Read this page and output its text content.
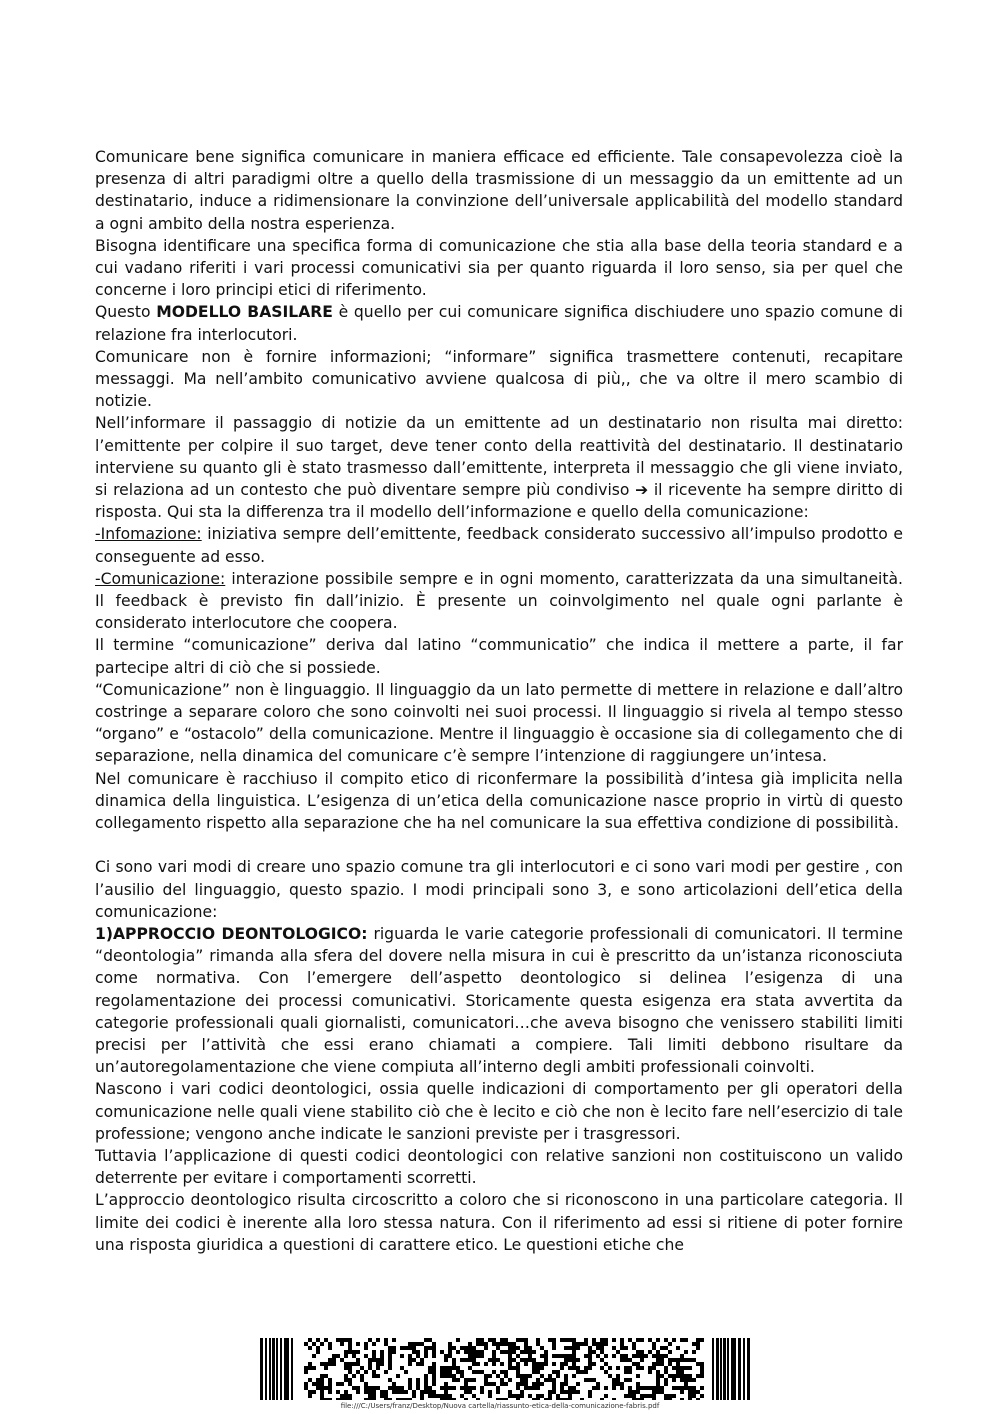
Comunicare bene significa comunicare in maniera efficace ed efficiente. Tale consapevolezza cioè la presenza di altri paradigmi oltre a quello della trasmissione di un messaggio da un emittente ad un destinatario, induce a ridimensionare la convinzione dell’universale applicabilità del modello standard a ogni ambito della nostra esperienza.

Bisogna identificare una specifica forma di comunicazione che stia alla base della teoria standard e a cui vadano riferiti i vari processi comunicativi sia per quanto riguarda il loro senso, sia per quel che concerne i loro principi etici di riferimento.

Questo MODELLO BASILARE è quello per cui comunicare significa dischiudere uno spazio comune di relazione fra interlocutori.

Comunicare non è fornire informazioni; “informare” significa trasmettere contenuti, recapitare messaggi. Ma nell’ambito comunicativo avviene qualcosa di più,, che va oltre il mero scambio di notizie.

Nell’informare il passaggio di notizie da un emittente ad un destinatario non risulta mai diretto: l’emittente per colpire il suo target, deve tener conto della reattività del destinatario. Il destinatario interviene su quanto gli è stato trasmesso dall’emittente, interpreta il messaggio che gli viene inviato, si relaziona ad un contesto che può diventare sempre più condiviso ➔ il ricevente ha sempre diritto di risposta. Qui sta la differenza tra il modello dell’informazione e quello della comunicazione:

-Infomazione: iniziativa sempre dell’emittente, feedback considerato successivo all’impulso prodotto e conseguente ad esso.

-Comunicazione: interazione possibile sempre e in ogni momento, caratterizzata da una simultaneità. Il feedback è previsto fin dall’inizio. È presente un coinvolgimento nel quale ogni parlante è considerato interlocutore che coopera.

Il termine “comunicazione” deriva dal latino “communicatio” che indica il mettere a parte, il far partecipe altri di ciò che si possiede.

“Comunicazione” non è linguaggio. Il linguaggio da un lato permette di mettere in relazione e dall’altro costringe a separare coloro che sono coinvolti nei suoi processi. Il linguaggio si rivela al tempo stesso “organo” e “ostacolo” della comunicazione. Mentre il linguaggio è occasione sia di collegamento che di separazione, nella dinamica del comunicare c’è sempre l’intenzione di raggiungere un’intesa.

Nel comunicare è racchiuso il compito etico di riconfermare la possibilità d’intesa già implicita nella dinamica della linguistica. L’esigenza di un’etica della comunicazione nasce proprio in virtù di questo collegamento rispetto alla separazione che ha nel comunicare la sua effettiva condizione di possibilità.

Ci sono vari modi di creare uno spazio comune tra gli interlocutori e ci sono vari modi per gestire , con l’ausilio del linguaggio, questo spazio. I modi principali sono 3, e sono articolazioni dell’etica della comunicazione:

1)APPROCCIO DEONTOLOGICO: riguarda le varie categorie professionali di comunicatori. Il termine “deontologia” rimanda alla sfera del dovere nella misura in cui è prescritto da un’istanza riconosciuta come normativa. Con l’emergere dell’aspetto deontologico si delinea l’esigenza di una regolamentazione dei processi comunicativi. Storicamente questa esigenza era stata avvertita da categorie professionali quali giornalisti, comunicatori…che aveva bisogno che venissero stabiliti limiti precisi per l’attività che essi erano chiamati a compiere. Tali limiti debbono risultare da un’autoregolamentazione che viene compiuta all’interno degli ambiti professionali coinvolti.

Nascono i vari codici deontologici, ossia quelle indicazioni di comportamento per gli operatori della comunicazione nelle quali viene stabilito ciò che è lecito e ciò che non è lecito fare nell’esercizio di tale professione; vengono anche indicate le sanzioni previste per i trasgressori.

Tuttavia l’applicazione di questi codici deontologici con relative sanzioni non costituiscono un valido deterrente per evitare i comportamenti scorretti.

L’approccio deontologico risulta circoscritto a coloro che si riconoscono in una particolare categoria. Il limite dei codici è inerente alla loro stessa natura. Con il riferimento ad essi si ritiene di poter fornire una risposta giuridica a questioni di carattere etico. Le questioni etiche che

file:///C:/Users/franz/Desktop/Nuova cartella/riassunto-etica-della-comunicazione-fabris.pdf
